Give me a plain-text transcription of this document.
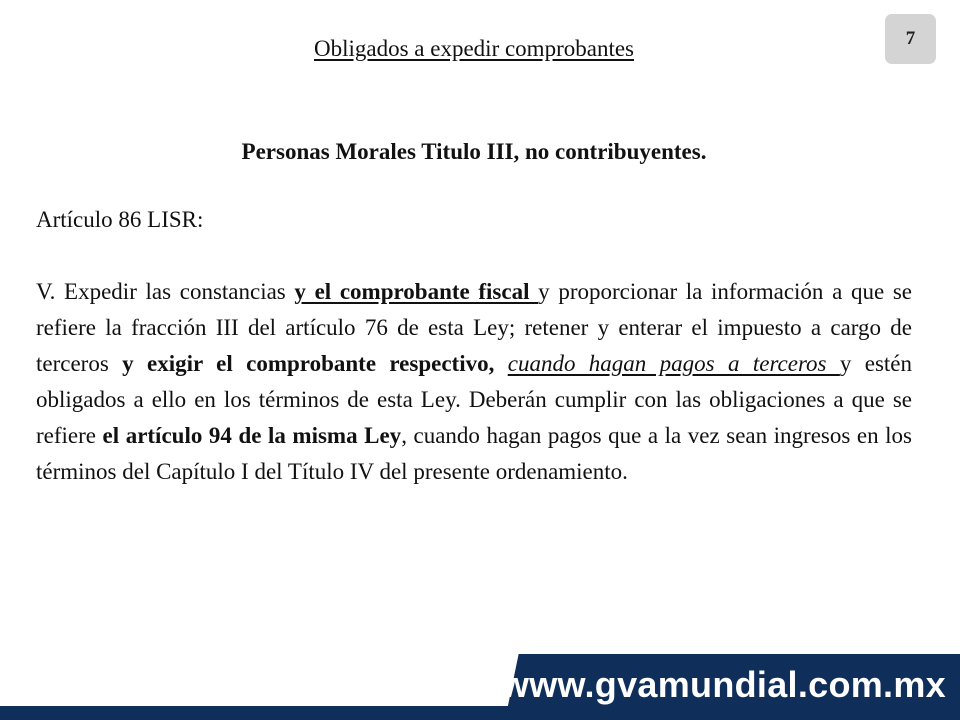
7
Obligados a expedir comprobantes
Personas Morales Titulo III, no contribuyentes.
Artículo 86 LISR:
V. Expedir las constancias y el comprobante fiscal y proporcionar la información a que se refiere la fracción III del artículo 76 de esta Ley; retener y enterar el impuesto a cargo de terceros y exigir el comprobante respectivo, cuando hagan pagos a terceros y estén obligados a ello en los términos de esta Ley. Deberán cumplir con las obligaciones a que se refiere el artículo 94 de la misma Ley, cuando hagan pagos que a la vez sean ingresos en los términos del Capítulo I del Título IV del presente ordenamiento.
www.gvamundial.com.mx
